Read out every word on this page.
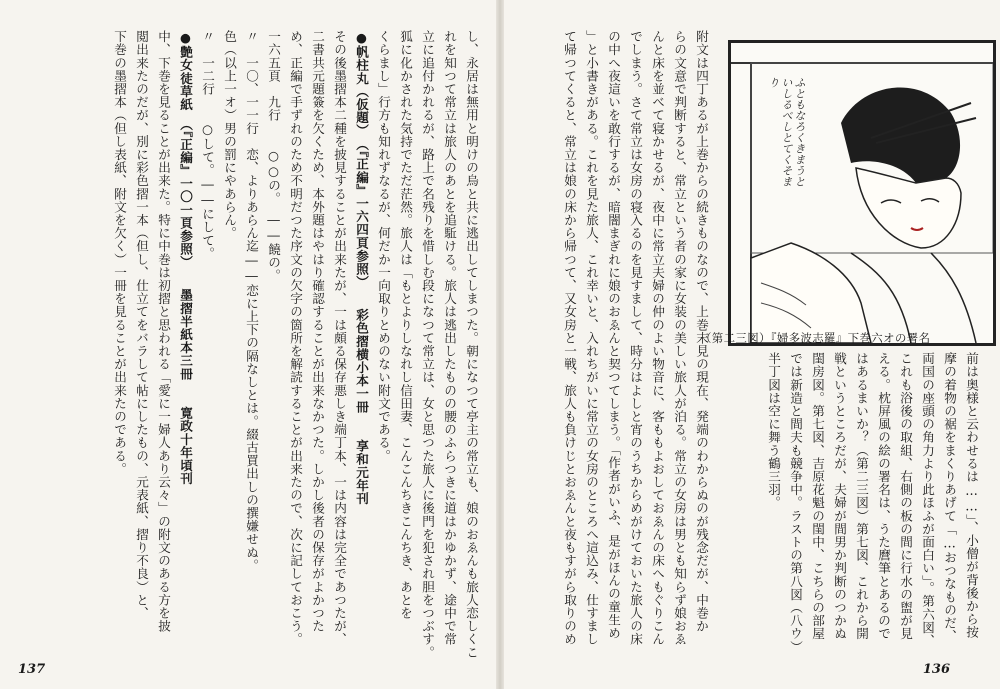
し、永居は無用と明けの烏と共に逃出してしまつた。朝になつて亭主の常立も、娘のおゑんも旅人恋しくこ
れを知つて常立は旅人のあとを追駈ける。旅人は逃出したものの腰のふらつきに道はかゆかず、途中で常
立に追付かれるが、路上で名残りを惜しむ段になつて常立は、女と思つた旅人に後門を犯され胆をつぶす。
狐に化かされた気持でただ茫然。旅人は「もとよりしなれし信田妻、こんこんちきこんちき、あとを
くらまし」行方も知れずなるが、何だか一向取りとめのない附文である。
●帆柱丸（仮題）　（『正編』一六四頁参照）　　彩色摺横小本一冊　　享和元年刊
その後墨摺本二種を披見することが出来たが、一は頗る保存悪しき端丁本、一は内容は完全であつたが、
二書共元題簽を欠くため、本外題はやはり確認することが出来なかつた。しかし後者の保存がよかつた
め、正編で手ずれのため不明だつた序文の欠字の箇所を解読することが出来たので、次に記しておこう。
一六五頁　九行　　○○の。　――饒の。
〃　一〇、一一行　恋、よりあらん迄――恋に上下の隔なしとは。綴古買出しの撰嫌せぬ。
色（以上一オ）男の罰にやあらん。
〃　一二行　　○して。――にして。
●艶女徒草紙　（『正編』一〇一頁参照）　　墨摺半紙本三冊　　寛政十年頃刊
中、下巻を見ることが出来た。特に中巻は初摺と思われる「愛に一婦人あり云々」の附文のある方を披
閲出来たのだが、別に彩色摺一本（但し、仕立てをバラして帖にしたもの、元表紙、摺り不良）と、
下巻の墨摺本（但し表紙、附文を欠く）一冊を見ることが出来たのである。
137
附文は四丁あるが上巻からの続きものなので、上巻末見の現在、発端のわからぬのが残念だが、中巻か
らの文意で判断すると、常立という者の家に女装の美しい旅人が泊る。常立の女房は男とも知らず娘おゑ
んと床を並べて寝かせるが、夜中に常立夫婦の仲のよい物音に、客ももよおしておゑんの床へもぐりこん
でしまう。さて常立は女房の寝入るのを見すまして、時分はよしと宵のうちからめがけておいた旅人の床
の中へ夜這いを敢行するが、暗闇まぎれに娘のおゑんと契つてしまう。「作者がいふ、是がほんの童生め
」と小書きがある。これを見た旅人、これ幸いと、入れちがいに常立の女房のところへ這込み、仕すまし
て帰つてくると、常立は娘の床から帰つて、又女房と一戦、旅人も負けじとおゑんと夜もすがら取りのめ	前は奥様と云わせるは……」、小僧が背後から按
摩の着物の裾をまくりあげて「…おつなものだ、
両国の座頭の角力より此ほふが面白い」。第六図、
これも浴後の取組、右側の板の間に行水の盥が見
える。枕屏風の絵の署名は、うた麿筆とあるので
はあるまいか？（第二三図）第七図、これから開
戦というところだが、夫婦が間男か判断のつかぬ
閨房図。第七図、吉原花魁の閨中、こちらの部屋
では新造と間夫も競争中。ラストの第八図（八ウ）
半丁図は空に舞う鶴三羽。
136
ふともなろくきまうといしるべしとてくそまり
（第二三図）『婦多波志羅』下巻六オの署名
